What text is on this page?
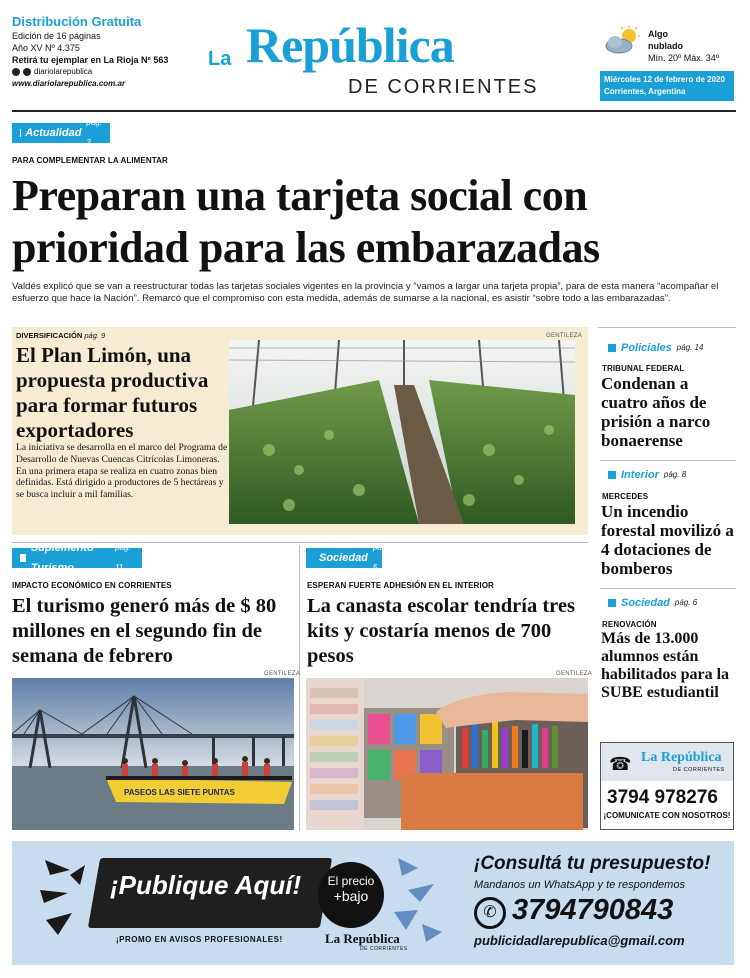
Distribución Gratuita
Edición de 16 páginas
Año XV Nº 4.375
Retirá tu ejemplar en La Rioja Nº 563
diariolarepublica
www.diariolarepublica.com.ar
La República
DE CORRIENTES
Algo
nublado
Mín. 20º Máx. 34º
Miércoles 12 de febrero de 2020
Corrientes, Argentina
Actualidad
pág. 3
PARA COMPLEMENTAR LA ALIMENTAR
Preparan una tarjeta social con
prioridad para las embarazadas
Valdés explicó que se van a reestructurar todas las tarjetas sociales vigentes en la provincia y “vamos a largar una tarjeta propia”, para de esta manera “acompañar el esfuerzo que hace la Nación”. Remarcó que el compromiso con esta medida, además de sumarse a la nacional, es asistir “sobre todo a las embarazadas”.
DIVERSIFICACIÓN pág. 9	GENTILEZA
El Plan Limón, una propuesta productiva para formar futuros exportadores
La iniciativa se desarrolla en el marco del Programa de Desarrollo de Nuevas Cuencas Citrícolas Limoneras. En una primera etapa se realiza en cuatro zonas bien definidas. Está dirigido a productores de 5 hectáreas y se busca incluir a mil familias.
Policiales pág. 14
TRIBUNAL FEDERAL
Condenan a cuatro años de prisión a narco bonaerense
Interior pág. 8
MERCEDES
Un incendio forestal movilizó a 4 dotaciones de bomberos
Sociedad pág. 6
RENOVACIÓN
Más de 13.000 alumnos están habilitados para la SUBE estudiantil
☎ La República
DE CORRIENTES
3794 978276
¡COMUNICATE CON NOSOTROS!
Suplemento Turismo
pág. 11
IMPACTO ECONÓMICO EN CORRIENTES
El turismo generó más de $ 80 millones en el segundo fin de semana de febrero
GENTILEZA
PASEOS LAS SIETE PUNTAS
Sociedad
pág. 5
ESPERAN FUERTE ADHESIÓN EN EL INTERIOR
La canasta escolar tendría tres kits y costaría menos de 700 pesos
GENTILEZA
¡Publique Aquí!
¡PROMO EN AVISOS PROFESIONALES!
El precio
+bajo
La República
DE CORRIENTES
¡Consultá tu presupuesto!
Mandanos un WhatsApp y te respondemos
✆ 3794790843
publicidadlarepublica@gmail.com
